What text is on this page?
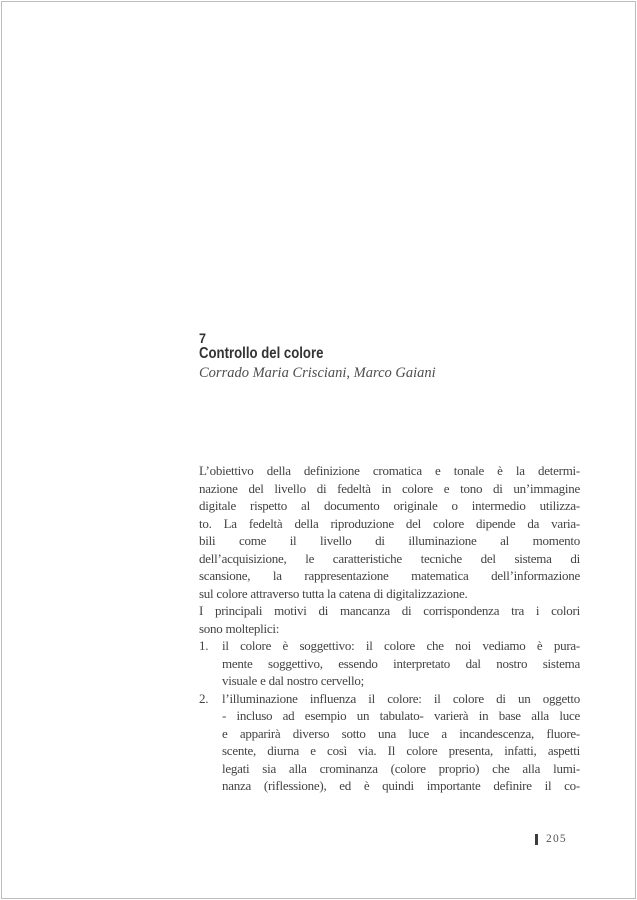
7
Controllo del colore
Corrado Maria Crisciani, Marco Gaiani
L’obiettivo della definizione cromatica e tonale è la determi-
nazione del livello di fedeltà in colore e tono di un’immagine
digitale rispetto al documento originale o intermedio utilizza-
to. La fedeltà della riproduzione del colore dipende da varia-
bili come il livello di illuminazione al momento
dell’acquisizione, le caratteristiche tecniche del sistema di
scansione, la rappresentazione matematica dell’informazione
sul colore attraverso tutta la catena di digitalizzazione.
I principali motivi di mancanza di corrispondenza tra i colori
sono molteplici:
1.	il colore è soggettivo: il colore che noi vediamo è pura-
mente soggettivo, essendo interpretato dal nostro sistema
visuale e dal nostro cervello;
2.	l’illuminazione influenza il colore: il colore di un oggetto
- incluso ad esempio un tabulato- varierà in base alla luce
e apparirà diverso sotto una luce a incandescenza, fluore-
scente, diurna e così via. Il colore presenta, infatti, aspetti
legati sia alla crominanza (colore proprio) che alla lumi-
nanza (riflessione), ed è quindi importante definire il co-
205
